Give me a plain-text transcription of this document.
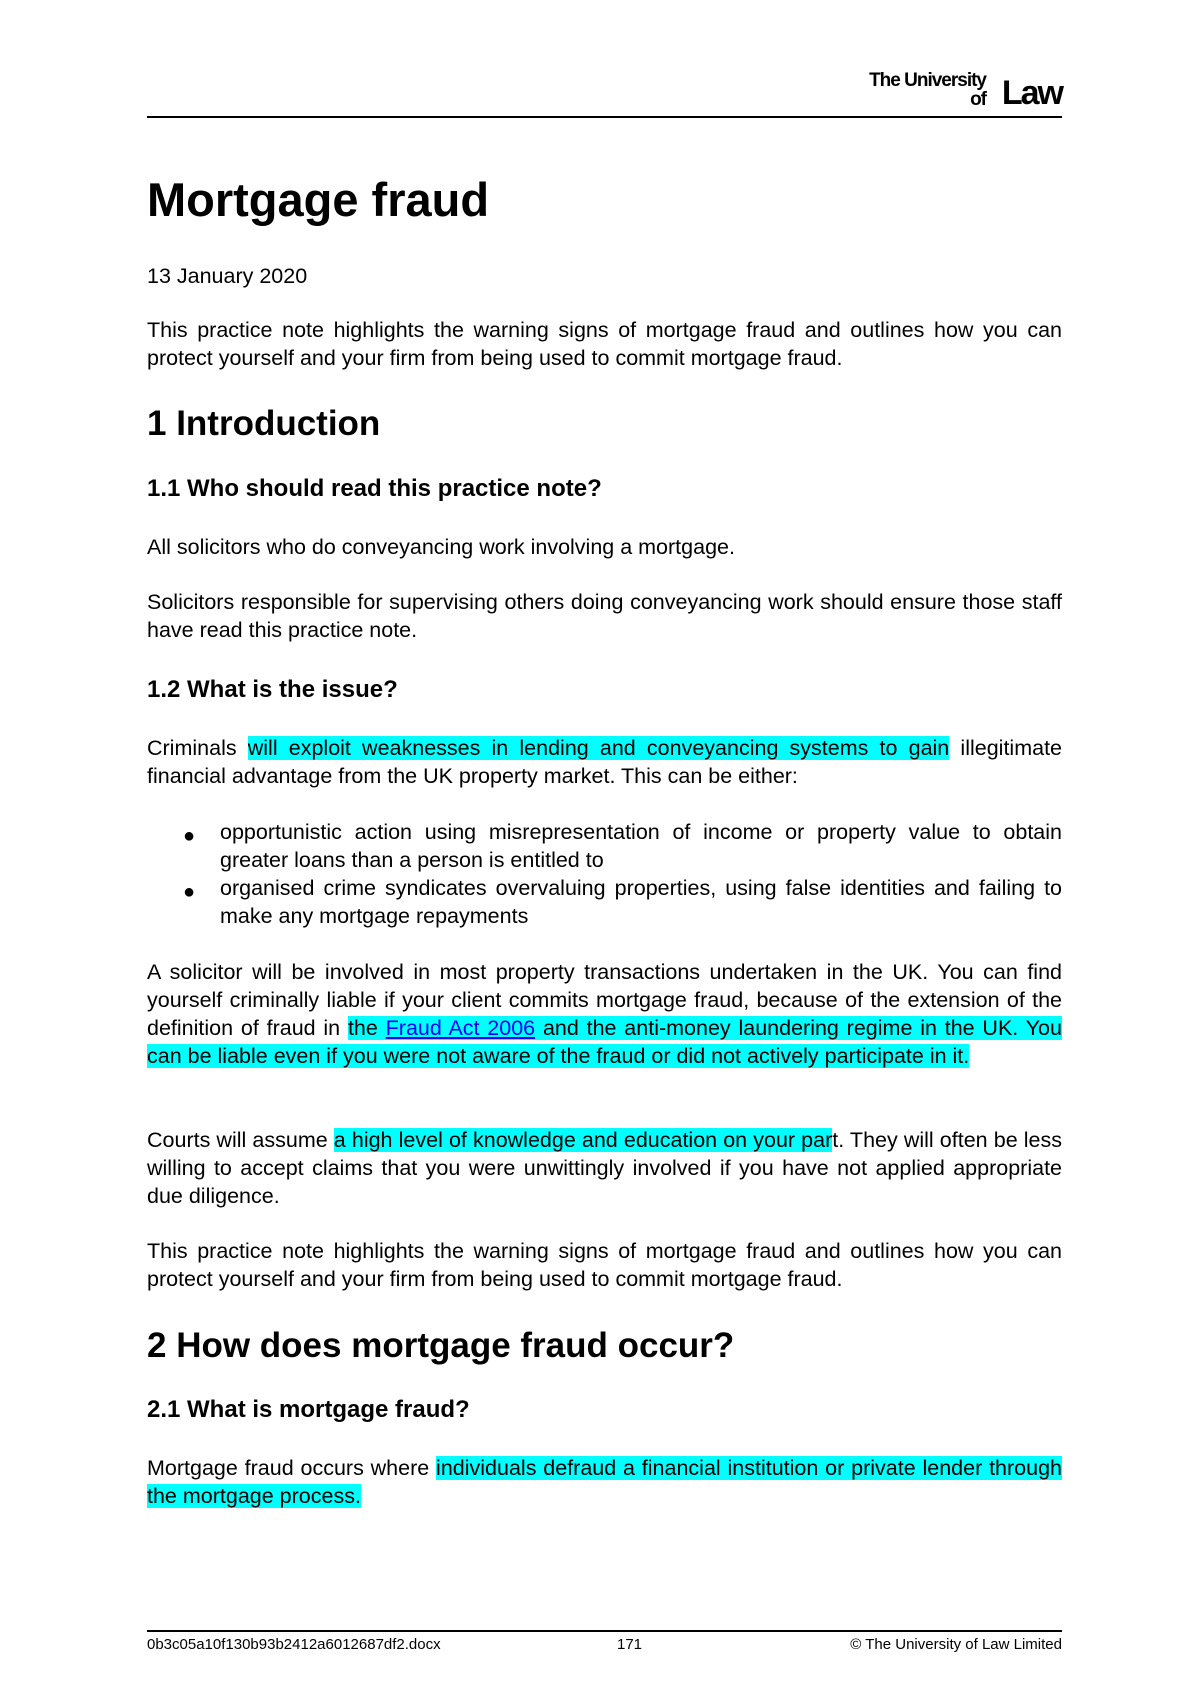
The University
of Law
Mortgage fraud
13 January 2020
This practice note highlights the warning signs of mortgage fraud and outlines how you can protect yourself and your firm from being used to commit mortgage fraud.
1 Introduction
1.1 Who should read this practice note?
All solicitors who do conveyancing work involving a mortgage.
Solicitors responsible for supervising others doing conveyancing work should ensure those staff have read this practice note.
1.2 What is the issue?
Criminals will exploit weaknesses in lending and conveyancing systems to gain illegitimate financial advantage from the UK property market. This can be either:
● opportunistic action using misrepresentation of income or property value to obtain greater loans than a person is entitled to
● organised crime syndicates overvaluing properties, using false identities and failing to make any mortgage repayments
A solicitor will be involved in most property transactions undertaken in the UK. You can find yourself criminally liable if your client commits mortgage fraud, because of the extension of the definition of fraud in the Fraud Act 2006 and the anti-money laundering regime in the UK. You can be liable even if you were not aware of the fraud or did not actively participate in it.
Courts will assume a high level of knowledge and education on your part. They will often be less willing to accept claims that you were unwittingly involved if you have not applied appropriate due diligence.
This practice note highlights the warning signs of mortgage fraud and outlines how you can protect yourself and your firm from being used to commit mortgage fraud.
2 How does mortgage fraud occur?
2.1 What is mortgage fraud?
Mortgage fraud occurs where individuals defraud a financial institution or private lender through the mortgage process.
0b3c05a10f130b93b2412a6012687df2.docx	171	© The University of Law Limited
